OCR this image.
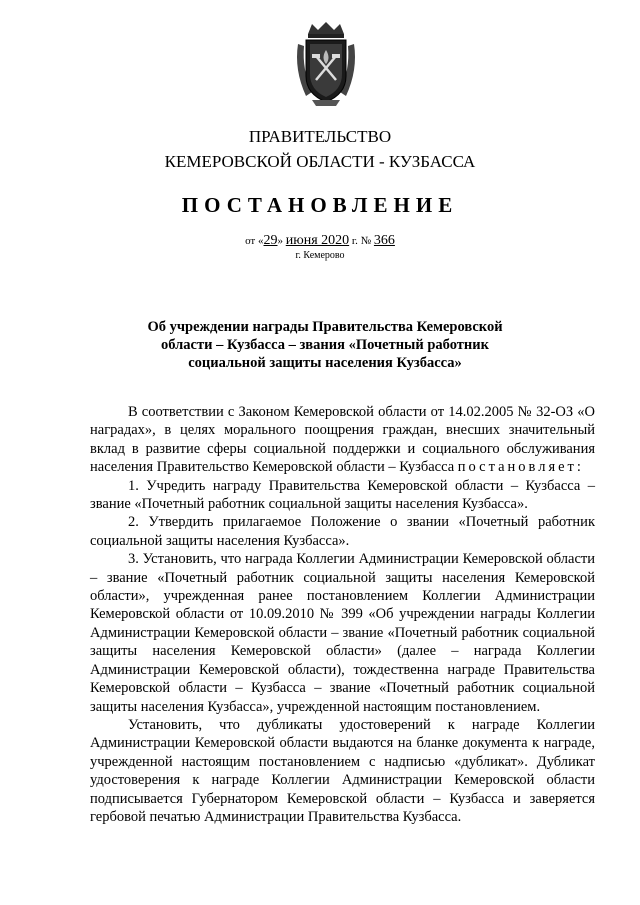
ПРАВИТЕЛЬСТВО
КЕМЕРОВСКОЙ ОБЛАСТИ - КУЗБАССА
ПОСТАНОВЛЕНИЕ
от «29» июня 2020 г. № 366
г. Кемерово
Об учреждении награды Правительства Кемеровской
области – Кузбасса – звания «Почетный работник
социальной защиты населения Кузбасса»

В соответствии с Законом Кемеровской области от 14.02.2005 № 32-ОЗ «О наградах», в целях морального поощрения граждан, внесших значительный вклад в развитие сферы социальной поддержки и социального обслуживания населения Правительство Кемеровской области – Кузбасса постановляет:

1. Учредить награду Правительства Кемеровской области – Кузбасса – звание «Почетный работник социальной защиты населения Кузбасса».

2. Утвердить прилагаемое Положение о звании «Почетный работник социальной защиты населения Кузбасса».

3. Установить, что награда Коллегии Администрации Кемеровской области – звание «Почетный работник социальной защиты населения Кемеровской области», учрежденная ранее постановлением Коллегии Администрации Кемеровской области от 10.09.2010 № 399 «Об учреждении награды Коллегии Администрации Кемеровской области – звание «Почетный работник социальной защиты населения Кемеровской области» (далее – награда Коллегии Администрации Кемеровской области), тождественна награде Правительства Кемеровской области – Кузбасса – звание «Почетный работник социальной защиты населения Кузбасса», учрежденной настоящим постановлением.

Установить, что дубликаты удостоверений к награде Коллегии Администрации Кемеровской области выдаются на бланке документа к награде, учрежденной настоящим постановлением с надписью «дубликат». Дубликат удостоверения к награде Коллегии Администрации Кемеровской области подписывается Губернатором Кемеровской области – Кузбасса и заверяется гербовой печатью Администрации Правительства Кузбасса.
